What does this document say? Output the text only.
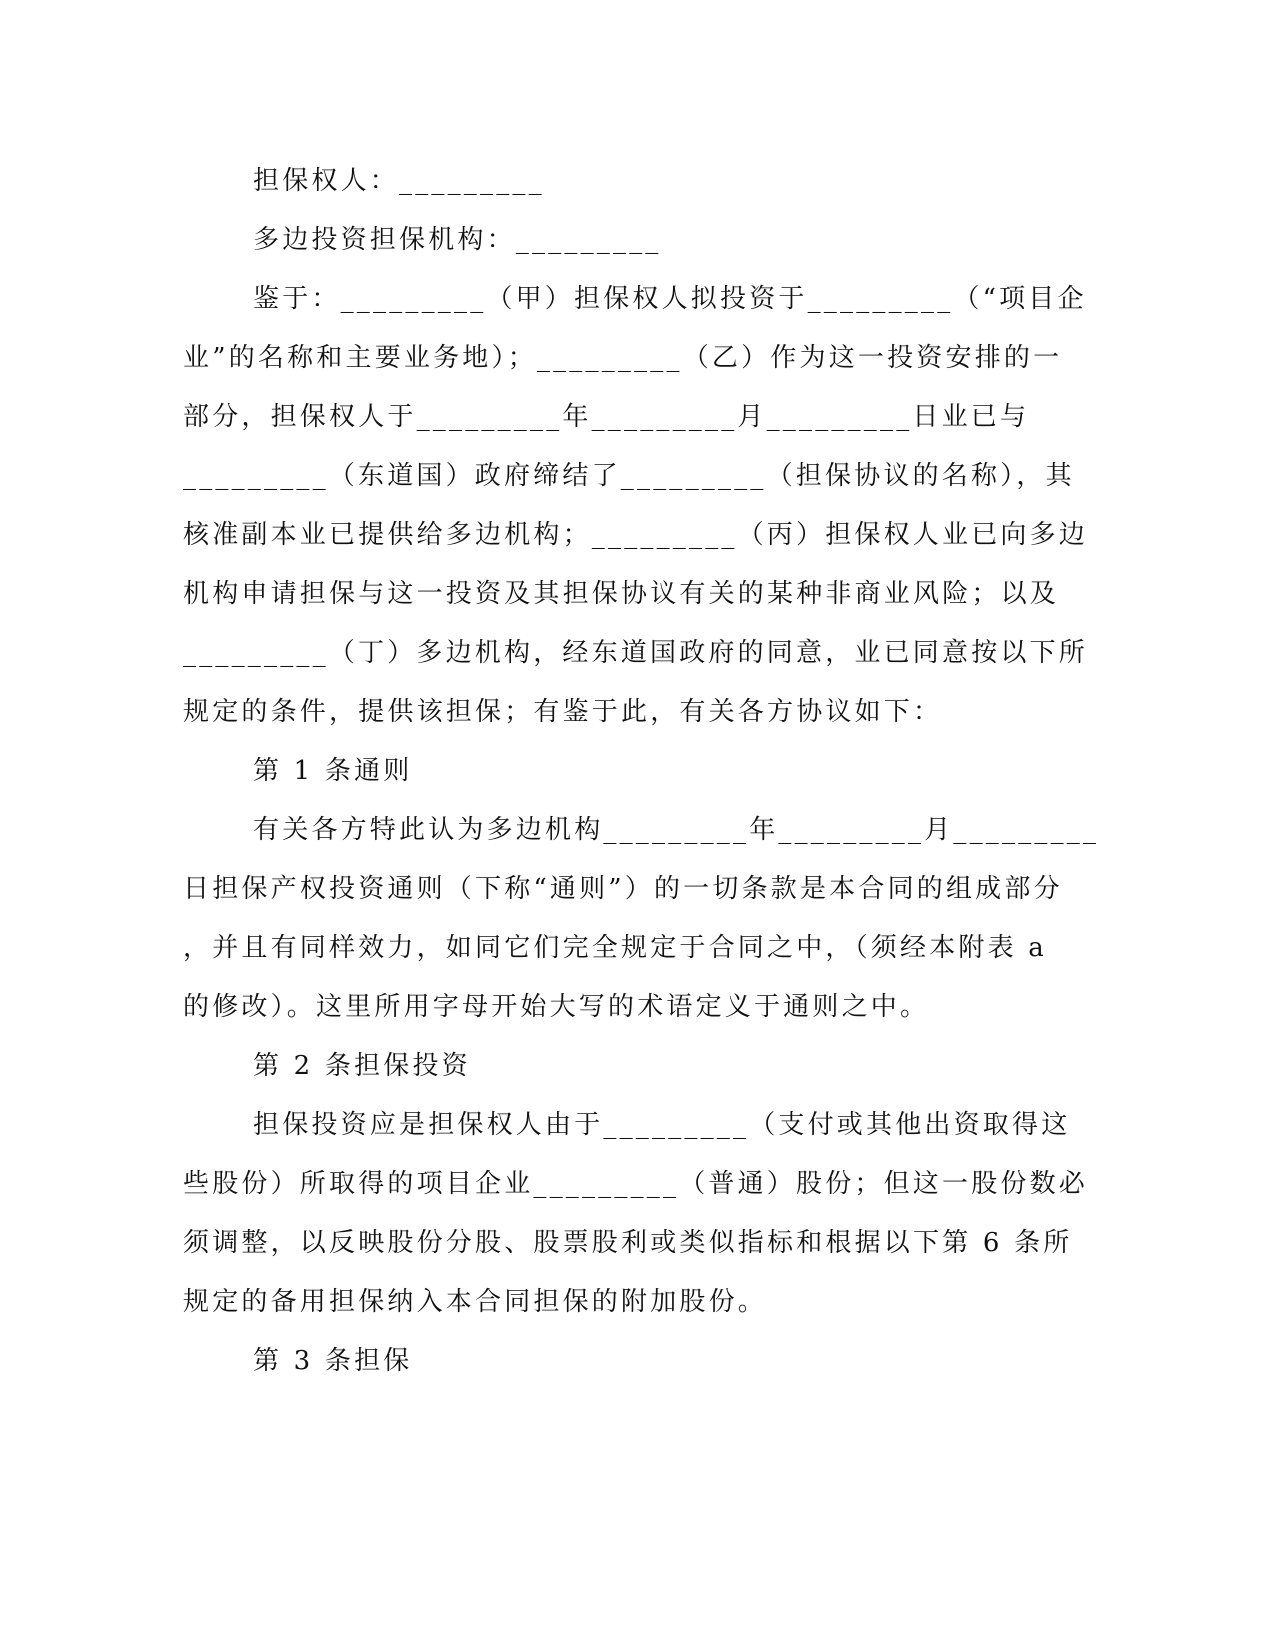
担保权人：_________
多边投资担保机构：_________
鉴于：_________（甲）担保权人拟投资于_________（“项目企
业”的名称和主要业务地）；_________（乙）作为这一投资安排的一
部分，担保权人于_________年_________月_________日业已与
_________（东道国）政府缔结了_________（担保协议的名称），其
核准副本业已提供给多边机构；_________（丙）担保权人业已向多边
机构申请担保与这一投资及其担保协议有关的某种非商业风险；以及
_________（丁）多边机构，经东道国政府的同意，业已同意按以下所
规定的条件，提供该担保；有鉴于此，有关各方协议如下：
第 1 条通则
有关各方特此认为多边机构_________年_________月_________
日担保产权投资通则（下称“通则”）的一切条款是本合同的组成部分
，并且有同样效力，如同它们完全规定于合同之中，（须经本附表 a
的修改）。这里所用字母开始大写的术语定义于通则之中。
第 2 条担保投资
担保投资应是担保权人由于_________（支付或其他出资取得这
些股份）所取得的项目企业_________（普通）股份；但这一股份数必
须调整，以反映股份分股、股票股利或类似指标和根据以下第 6 条所
规定的备用担保纳入本合同担保的附加股份。
第 3 条担保
